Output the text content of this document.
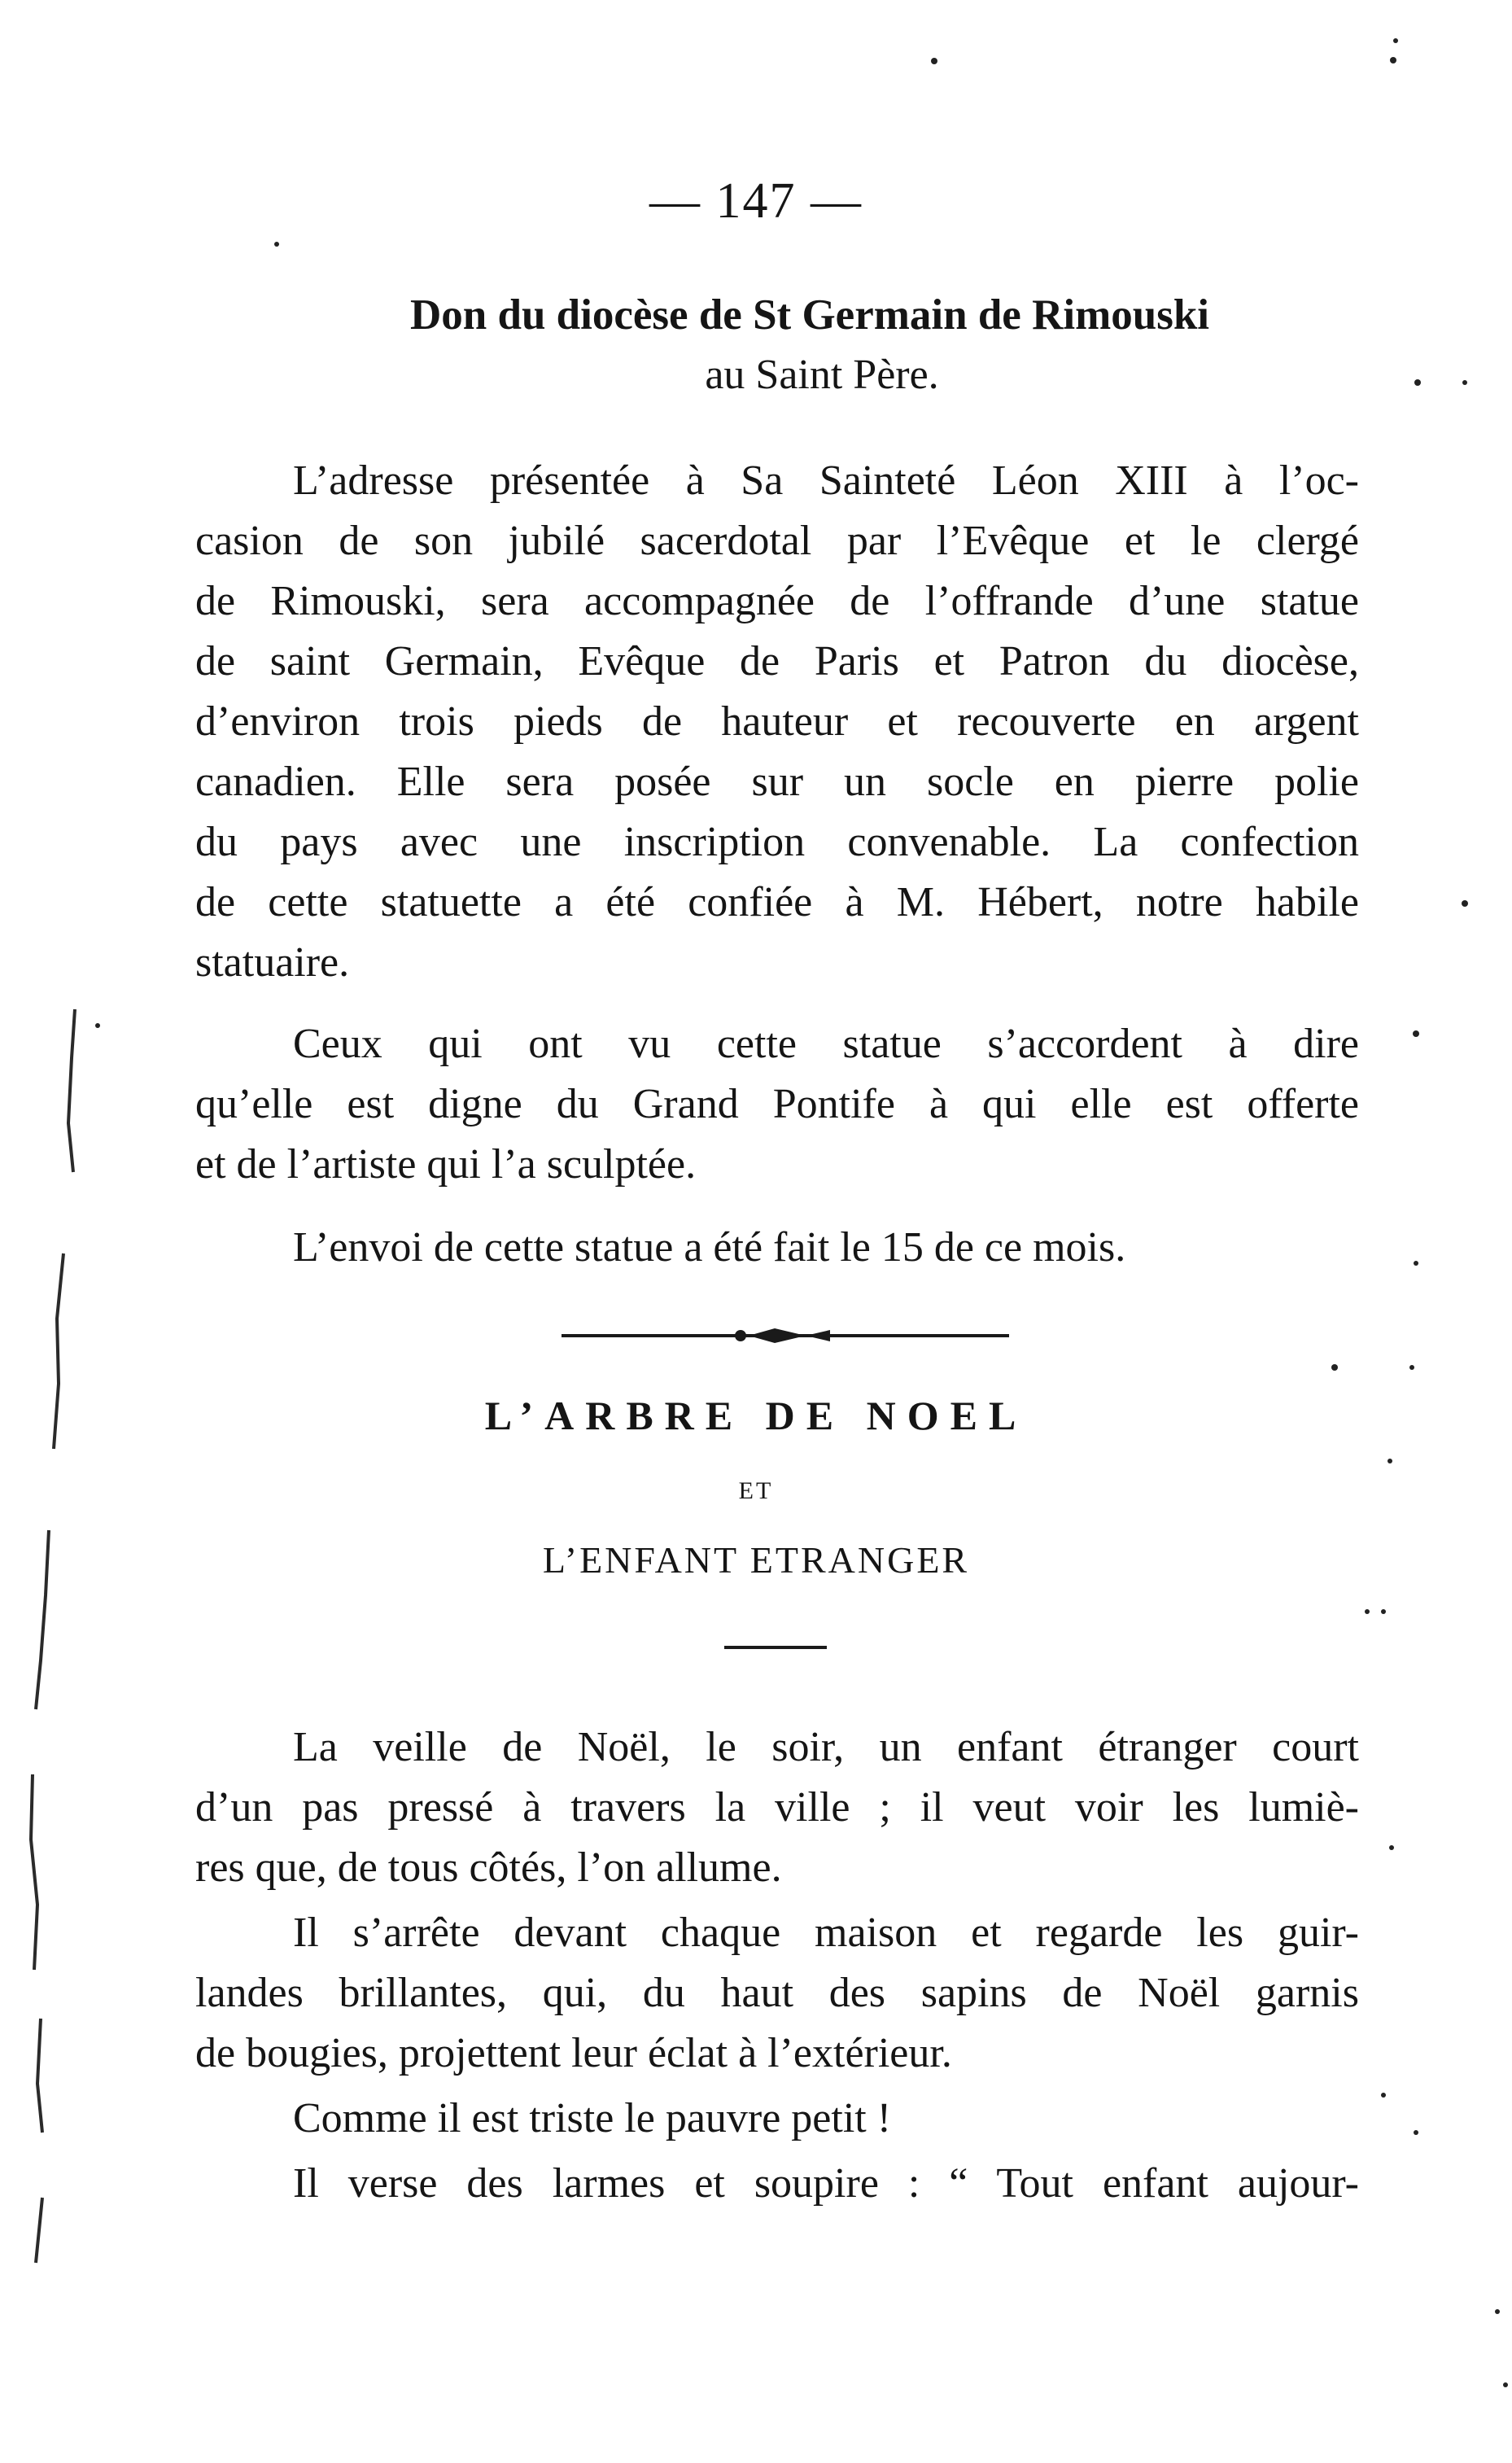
— 147 —
Don du diocèse de St Germain de Rimouski
au Saint Père.
L’adresse présentée à Sa Sainteté Léon XIII à l’oc-
casion de son jubilé sacerdotal par l’Evêque et le clergé
de Rimouski, sera accompagnée de l’offrande d’une statue
de saint Germain, Evêque de Paris et Patron du diocèse,
d’environ trois pieds de hauteur et recouverte en argent
canadien. Elle sera posée sur un socle en pierre polie
du pays avec une inscription convenable. La confection
de cette statuette a été confiée à M. Hébert, notre habile
statuaire.
Ceux qui ont vu cette statue s’accordent à dire
qu’elle est digne du Grand Pontife à qui elle est offerte
et de l’artiste qui l’a sculptée.
L’envoi de cette statue a été fait le 15 de ce mois.
L’ARBRE DE NOEL
ET
L’ENFANT ETRANGER
La veille de Noël, le soir, un enfant étranger court
d’un pas pressé à travers la ville ; il veut voir les lumiè-
res que, de tous côtés, l’on allume.
Il s’arrête devant chaque maison et regarde les guir-
landes brillantes, qui, du haut des sapins de Noël garnis
de bougies, projettent leur éclat à l’extérieur.
Comme il est triste le pauvre petit !
Il verse des larmes et soupire : “ Tout enfant aujour-
